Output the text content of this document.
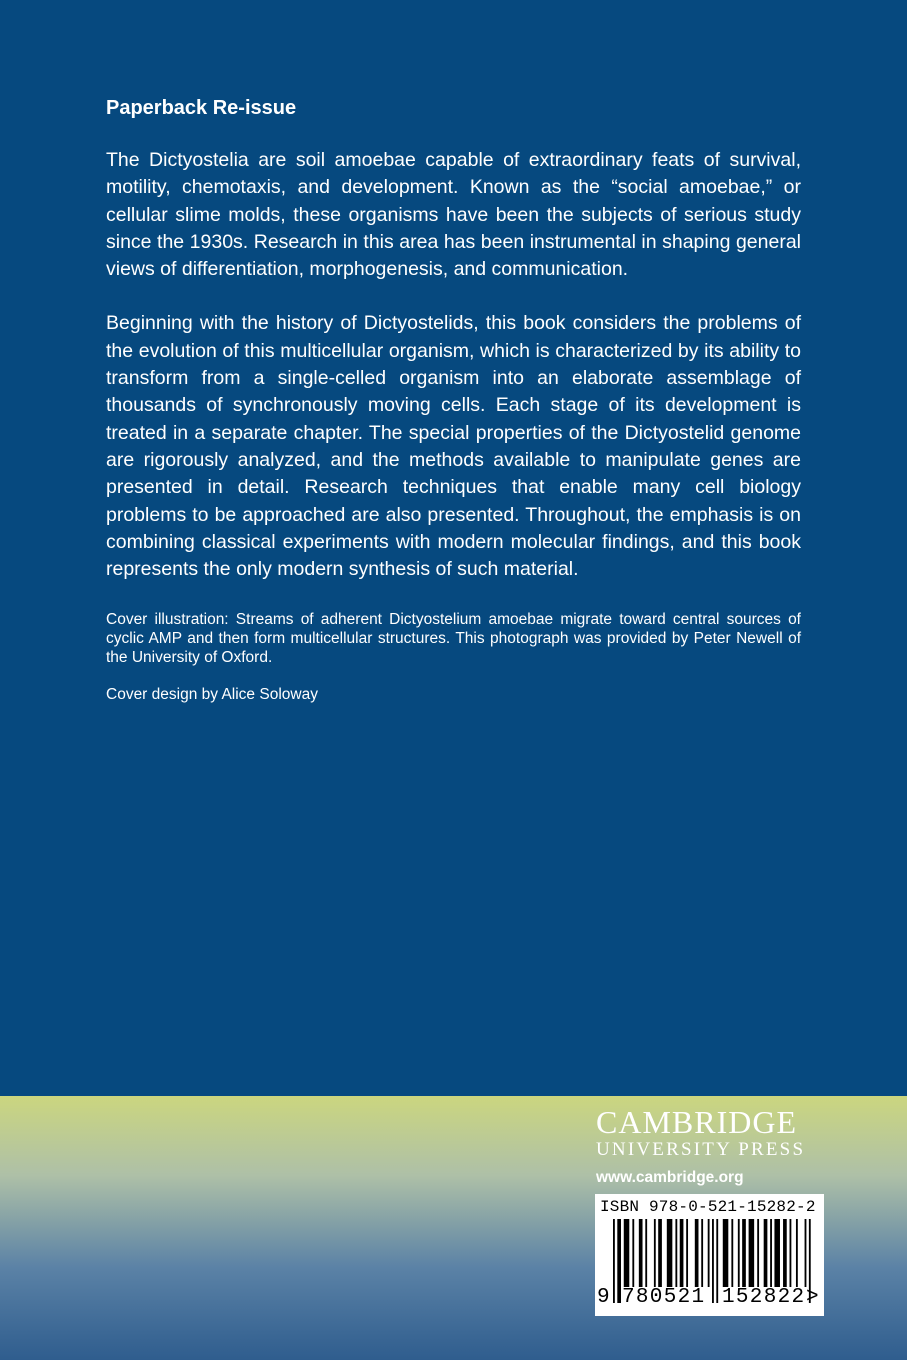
Paperback Re-issue

The Dictyostelia are soil amoebae capable of extraordinary feats of survival, motility, chemotaxis, and development. Known as the “social amoebae,” or cellular slime molds, these organisms have been the subjects of serious study since the 1930s. Research in this area has been instrumental in shaping general views of differentiation, morphogenesis, and communication.

Beginning with the history of Dictyostelids, this book considers the problems of the evolution of this multicellular organism, which is characterized by its ability to transform from a single-celled organism into an elaborate assemblage of thousands of synchronously moving cells. Each stage of its development is treated in a separate chapter. The special properties of the Dictyostelid genome are rigorously analyzed, and the methods available to manipulate genes are presented in detail. Research techniques that enable many cell biology problems to be approached are also presented. Throughout, the emphasis is on combining classical experiments with modern molecular findings, and this book represents the only modern synthesis of such material.

Cover illustration: Streams of adherent Dictyostelium amoebae migrate toward central sources of cyclic AMP and then form multicellular structures. This photograph was provided by Peter Newell of the University of Oxford.

Cover design by Alice Soloway

CAMBRIDGE
UNIVERSITY PRESS
www.cambridge.org
ISBN 978-0-521-15282-2
9 780521 152822 >
